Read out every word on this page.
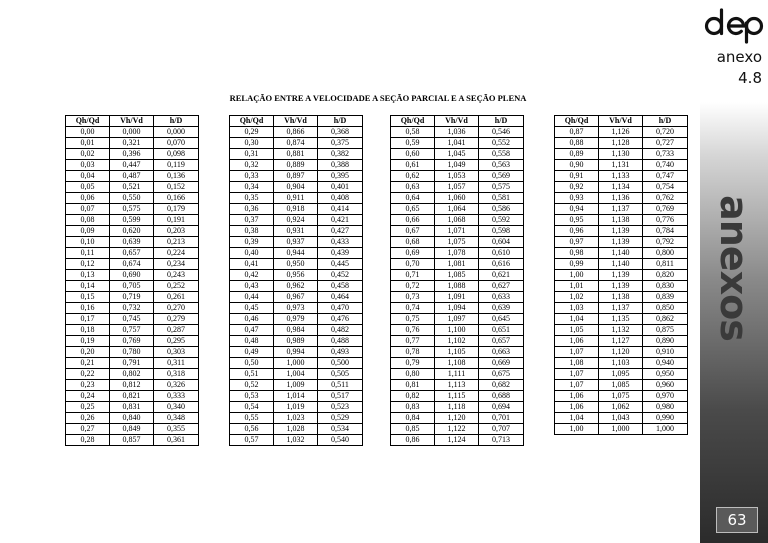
anexo
4.8
anexos
63
RELAÇÃO ENTRE A VELOCIDADE A SEÇÃO PARCIAL E A SEÇÃO PLENA
Qh/Qd	Vh/Vd	h/D
0,00	0,000	0,000
0,01	0,321	0,070
0,02	0,396	0,098
0,03	0,447	0,119
0,04	0,487	0,136
0,05	0,521	0,152
0,06	0,550	0,166
0,07	0,575	0,179
0,08	0,599	0,191
0,09	0,620	0,203
0,10	0,639	0,213
0,11	0,657	0,224
0,12	0,674	0,234
0,13	0,690	0,243
0,14	0,705	0,252
0,15	0,719	0,261
0,16	0,732	0,270
0,17	0,745	0,279
0,18	0,757	0,287
0,19	0,769	0,295
0,20	0,780	0,303
0,21	0,791	0,311
0,22	0,802	0,318
0,23	0,812	0,326
0,24	0,821	0,333
0,25	0,831	0,340
0,26	0,840	0,348
0,27	0,849	0,355
0,28	0,857	0,361
Qh/Qd	Vh/Vd	h/D
0,29	0,866	0,368
0,30	0,874	0,375
0,31	0,881	0,382
0,32	0,889	0,388
0,33	0,897	0,395
0,34	0,904	0,401
0,35	0,911	0,408
0,36	0,918	0,414
0,37	0,924	0,421
0,38	0,931	0,427
0,39	0,937	0,433
0,40	0,944	0,439
0,41	0,950	0,445
0,42	0,956	0,452
0,43	0,962	0,458
0,44	0,967	0,464
0,45	0,973	0,470
0,46	0,979	0,476
0,47	0,984	0,482
0,48	0,989	0,488
0,49	0,994	0,493
0,50	1,000	0,500
0,51	1,004	0,505
0,52	1,009	0,511
0,53	1,014	0,517
0,54	1,019	0,523
0,55	1,023	0,529
0,56	1,028	0,534
0,57	1,032	0,540
Qh/Qd	Vh/Vd	h/D
0,58	1,036	0,546
0,59	1,041	0,552
0,60	1,045	0,558
0,61	1,049	0,563
0,62	1,053	0,569
0,63	1,057	0,575
0,64	1,060	0,581
0,65	1,064	0,586
0,66	1,068	0,592
0,67	1,071	0,598
0,68	1,075	0,604
0,69	1,078	0,610
0,70	1,081	0,616
0,71	1,085	0,621
0,72	1,088	0,627
0,73	1,091	0,633
0,74	1,094	0,639
0,75	1,097	0,645
0,76	1,100	0,651
0,77	1,102	0,657
0,78	1,105	0,663
0,79	1,108	0,669
0,80	1,111	0,675
0,81	1,113	0,682
0,82	1,115	0,688
0,83	1,118	0,694
0,84	1,120	0,701
0,85	1,122	0,707
0,86	1,124	0,713
Qh/Qd	Vh/Vd	h/D
0,87	1,126	0,720
0,88	1,128	0,727
0,89	1,130	0,733
0,90	1,131	0,740
0,91	1,133	0,747
0,92	1,134	0,754
0,93	1,136	0,762
0,94	1,137	0,769
0,95	1,138	0,776
0,96	1,139	0,784
0,97	1,139	0,792
0,98	1,140	0,800
0,99	1,140	0,811
1,00	1,139	0,820
1,01	1,139	0,830
1,02	1,138	0,839
1,03	1,137	0,850
1,04	1,135	0,862
1,05	1,132	0,875
1,06	1,127	0,890
1,07	1,120	0,910
1,08	1,103	0,940
1,07	1,095	0,950
1,07	1,085	0,960
1,06	1,075	0,970
1,06	1,062	0,980
1,04	1,043	0,990
1,00	1,000	1,000
